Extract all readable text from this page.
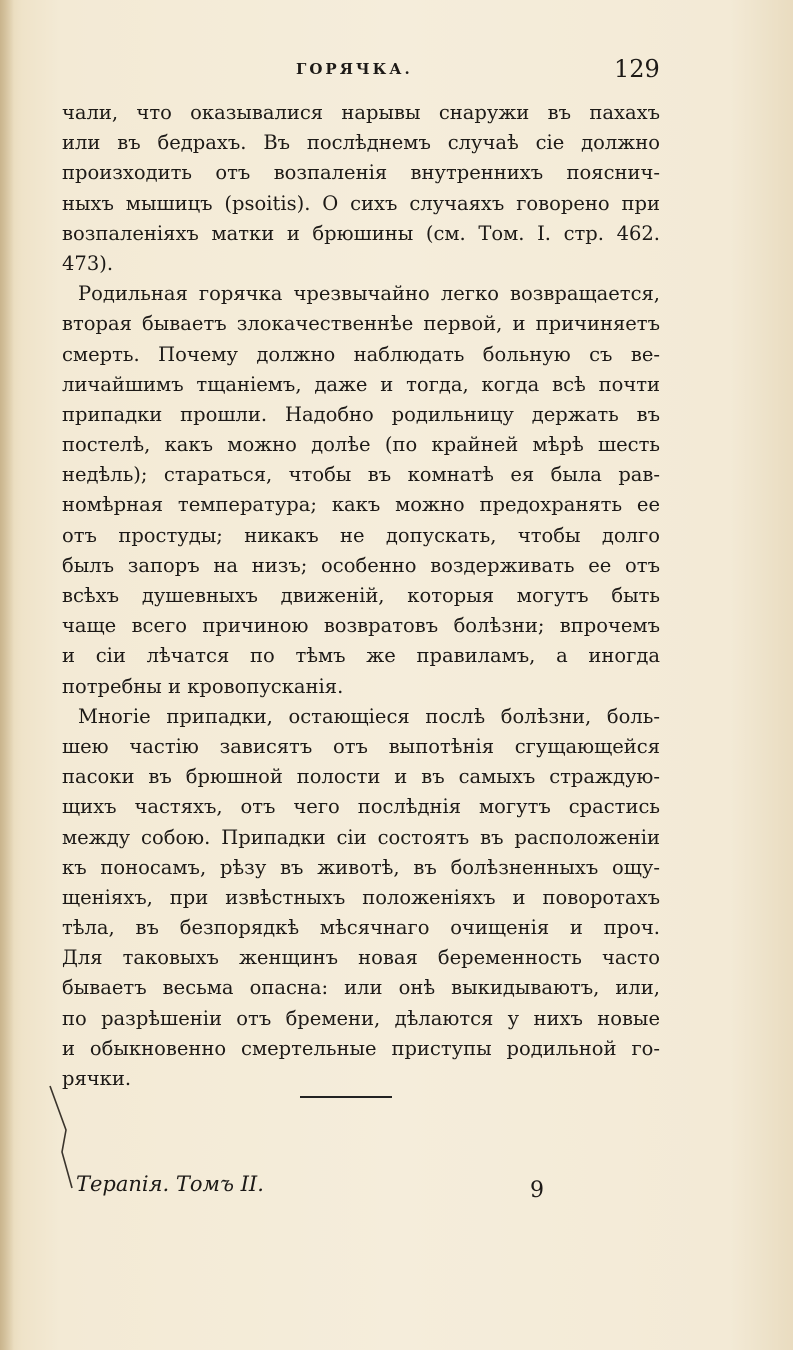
ГОРЯЧКА.	129
чали, что оказывалися нарывы снаружи въ пахахъ
или въ бедрахъ. Въ послѣднемъ случаѣ сіе должно
произходить отъ возпаленія внутреннихъ пояснич-
ныхъ мышицъ (psoitis). О сихъ случаяхъ говорено при
возпаленіяхъ матки и брюшины (см. Том. I. стр. 462.
473).
Родильная горячка чрезвычайно легко возвращается,
вторая бываетъ злокачественнѣе первой, и причиняетъ
смерть. Почему должно наблюдать больную съ ве-
личайшимъ тщаніемъ, даже и тогда, когда всѣ почти
припадки прошли. Надобно родильницу держать въ
постелѣ, какъ можно долѣе (по крайней мѣрѣ шесть
недѣль); стараться, чтобы въ комнатѣ ея была рав-
номѣрная температура; какъ можно предохранять ее
отъ простуды; никакъ не допускать, чтобы долго
былъ запоръ на низъ; особенно воздерживать ее отъ
всѣхъ душевныхъ движеній, которыя могутъ быть
чаще всего причиною возвратовъ болѣзни; впрочемъ
и сіи лѣчатся по тѣмъ же правиламъ, а иногда
потребны и кровопусканія.
Многіе припадки, остающіеся послѣ болѣзни, боль-
шею частію зависятъ отъ выпотѣнія сгущающейся
пасоки въ брюшной полости и въ самыхъ страждую-
щихъ частяхъ, отъ чего послѣднія могутъ срастись
между собою. Припадки сіи состоятъ въ расположеніи
къ поносамъ, рѣзу въ животѣ, въ болѣзненныхъ ощу-
щеніяхъ, при извѣстныхъ положеніяхъ и поворотахъ
тѣла, въ безпорядкѣ мѣсячнаго очищенія и проч.
Для таковыхъ женщинъ новая беременность часто
бываетъ весьма опасна: или онѣ выкидываютъ, или,
по разрѣшеніи отъ бремени, дѣлаются у нихъ новые
и обыкновенно смертельные приступы родильной го-
рячки.
Терапія. Томъ II.	9
